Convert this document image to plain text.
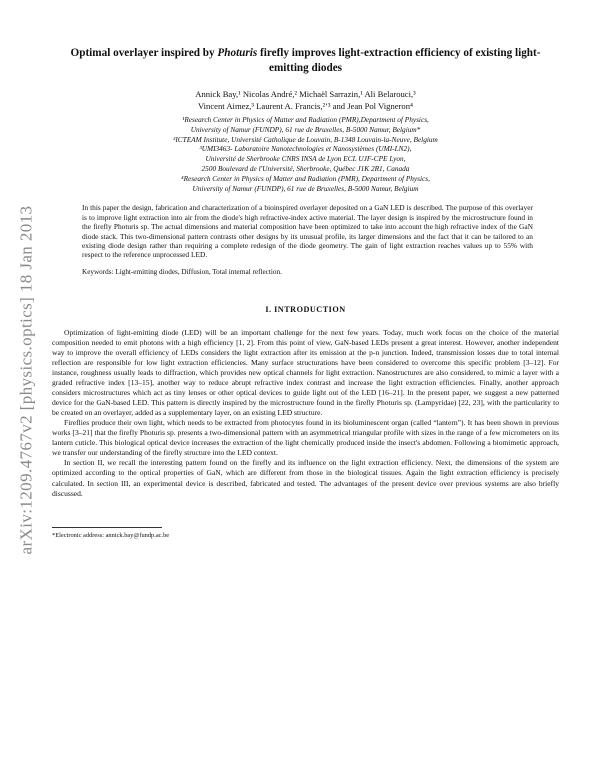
arXiv:1209.4767v2 [physics.optics] 18 Jan 2013
Optimal overlayer inspired by Photuris firefly improves light-extraction efficiency of existing light-emitting diodes
Annick Bay,¹ Nicolas André,² Michaël Sarrazin,¹ Ali Belarouci,³
Vincent Aimez,³ Laurent A. Francis,²ʼ³ and Jean Pol Vigneron⁴
¹Research Center in Physics of Matter and Radiation (PMR),Department of Physics,
University of Namur (FUNDP), 61 rue de Bruxelles, B-5000 Namur, Belgium*
²ICTEAM Institute, Université Catholique de Louvain, B-1348 Louvain-la-Neuve, Belgium
³UMI3463- Laboratoire Nanotechnologies et Nanosystèmes (UMI-LN2),
Université de Sherbrooke CNRS INSA de Lyon ECL UJF-CPE Lyon,
2500 Boulevard de l'Université, Sherbrooke, Québec J1K 2R1, Canada
⁴Research Center in Physics of Matter and Radiation (PMR), Department of Physics,
University of Namur (FUNDP), 61 rue de Bruxelles, B-5000 Namur, Belgium
In this paper the design, fabrication and characterization of a bioinspired overlayer deposited on a GaN LED is described. The purpose of this overlayer is to improve light extraction into air from the diode's high refractive-index active material. The layer design is inspired by the microstructure found in the firefly Photuris sp. The actual dimensions and material composition have been optimized to take into account the high refractive index of the GaN diode stack. This two-dimensional pattern contrasts other designs by its unusual profile, its larger dimensions and the fact that it can be tailored to an existing diode design rather than requiring a complete redesign of the diode geometry. The gain of light extraction reaches values up to 55% with respect to the reference unprocessed LED.
Keywords: Light-emitting diodes, Diffusion, Total internal reflection.
I. INTRODUCTION

Optimization of light-emitting diode (LED) will be an important challenge for the next few years. Today, much work focus on the choice of the material composition needed to emit photons with a high efficiency [1, 2]. From this point of view, GaN-based LEDs present a great interest. However, another independent way to improve the overall efficiency of LEDs considers the light extraction after its emission at the p-n junction. Indeed, transmission losses due to total internal reflection are responsible for low light extraction efficiencies. Many surface structurations have been considered to overcome this specific problem [3–12]. For instance, roughness usually leads to diffraction, which provides new optical channels for light extraction. Nanostructures are also considered, to mimic a layer with a graded refractive index [13–15], another way to reduce abrupt refractive index contrast and increase the light extraction efficiencies. Finally, another approach considers microstructures which act as tiny lenses or other optical devices to guide light out of the LED [16–21]. In the present paper, we suggest a new patterned device for the GaN-based LED. This pattern is directly inspired by the microstructure found in the firefly Photuris sp. (Lampyridae) [22, 23], with the particularity to be created on an overlayer, added as a supplementary layer, on an existing LED structure.

Fireflies produce their own light, which needs to be extracted from photocytes found in its bioluminescent organ (called “lantern”). It has been shown in previous works [3–21] that the firefly Photuris sp. presents a two-dimensional pattern with an asymmetrical triangular profile with sizes in the range of a few micrometers on its lantern cuticle. This biological optical device increases the extraction of the light chemically produced inside the insect's abdomen. Following a biomimetic approach, we transfer our understanding of the firefly structure into the LED context.

In section II, we recall the interesting pattern found on the firefly and its influence on the light extraction efficiency. Next, the dimensions of the system are optimized according to the optical properties of GaN, which are different from those in the biological tissues. Again the light extraction efficiency is precisely calculated. In section III, an experimental device is described, fabricated and tested. The advantages of the present device over previous systems are also briefly discussed.

*Electronic address: annick.bay@fundp.ac.be
